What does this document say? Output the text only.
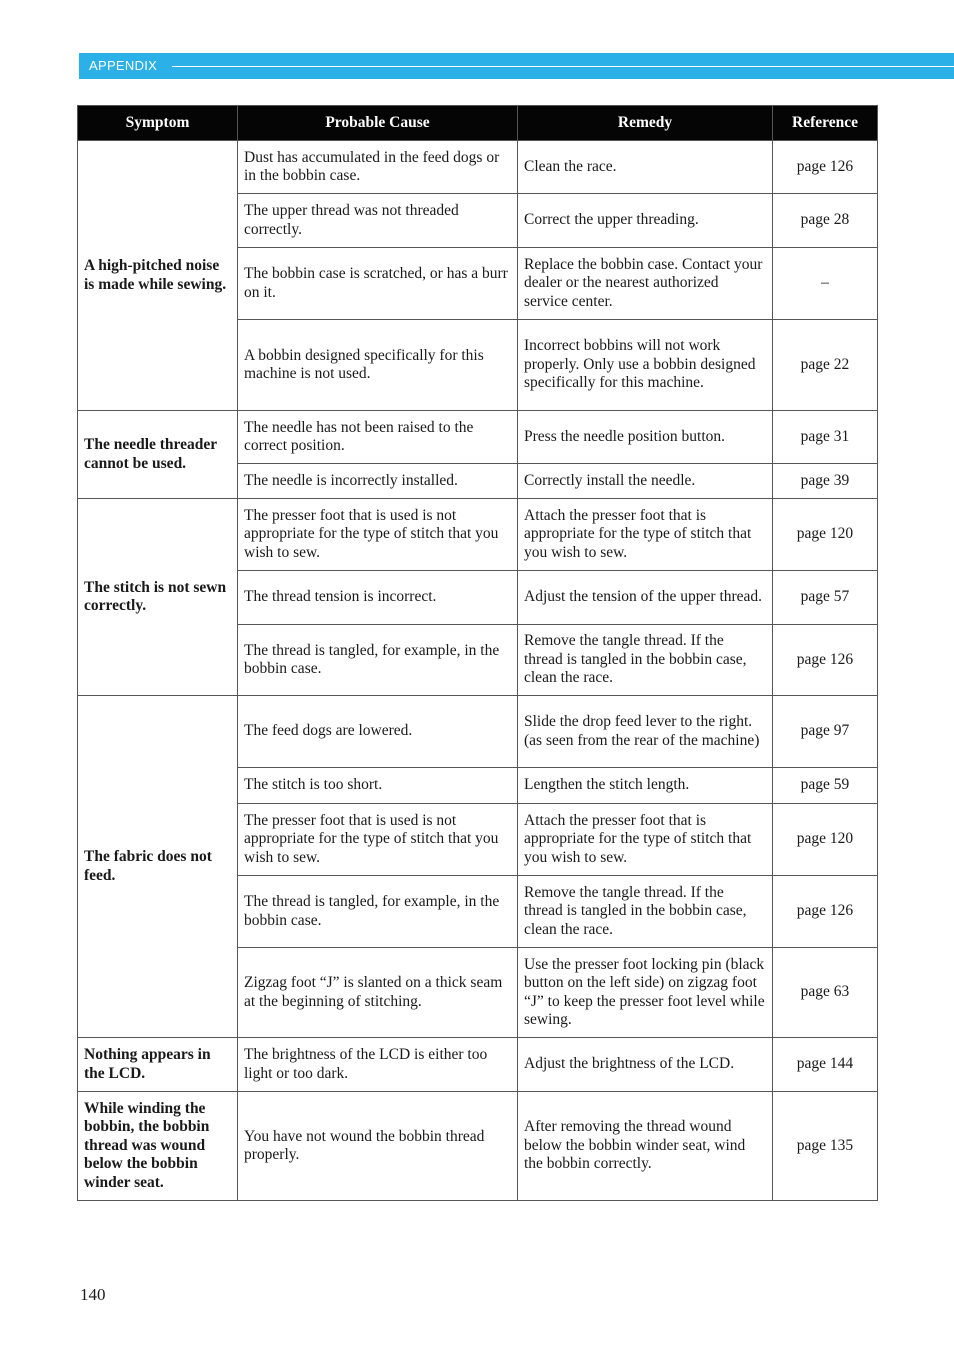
APPENDIX
Symptom	Probable Cause	Remedy	Reference
A high-pitched noise is made while sewing.	Dust has accumulated in the feed dogs or in the bobbin case.	Clean the race.	page 126
	The upper thread was not threaded correctly.	Correct the upper threading.	page 28
	The bobbin case is scratched, or has a burr on it.	Replace the bobbin case. Contact your dealer or the nearest authorized service center.	–
	A bobbin designed specifically for this machine is not used.	Incorrect bobbins will not work properly. Only use a bobbin designed specifically for this machine.	page 22
The needle threader cannot be used.	The needle has not been raised to the correct position.	Press the needle position button.	page 31
	The needle is incorrectly installed.	Correctly install the needle.	page 39
The stitch is not sewn correctly.	The presser foot that is used is not appropriate for the type of stitch that you wish to sew.	Attach the presser foot that is appropriate for the type of stitch that you wish to sew.	page 120
	The thread tension is incorrect.	Adjust the tension of the upper thread.	page 57
	The thread is tangled, for example, in the bobbin case.	Remove the tangle thread. If the thread is tangled in the bobbin case, clean the race.	page 126
The fabric does not feed.	The feed dogs are lowered.	Slide the drop feed lever to the right. (as seen from the rear of the machine)	page 97
	The stitch is too short.	Lengthen the stitch length.	page 59
	The presser foot that is used is not appropriate for the type of stitch that you wish to sew.	Attach the presser foot that is appropriate for the type of stitch that you wish to sew.	page 120
	The thread is tangled, for example, in the bobbin case.	Remove the tangle thread. If the thread is tangled in the bobbin case, clean the race.	page 126
	Zigzag foot “J” is slanted on a thick seam at the beginning of stitching.	Use the presser foot locking pin (black button on the left side) on zigzag foot “J” to keep the presser foot level while sewing.	page 63
Nothing appears in the LCD.	The brightness of the LCD is either too light or too dark.	Adjust the brightness of the LCD.	page 144
While winding the bobbin, the bobbin thread was wound below the bobbin winder seat.	You have not wound the bobbin thread properly.	After removing the thread wound below the bobbin winder seat, wind the bobbin correctly.	page 135
140
